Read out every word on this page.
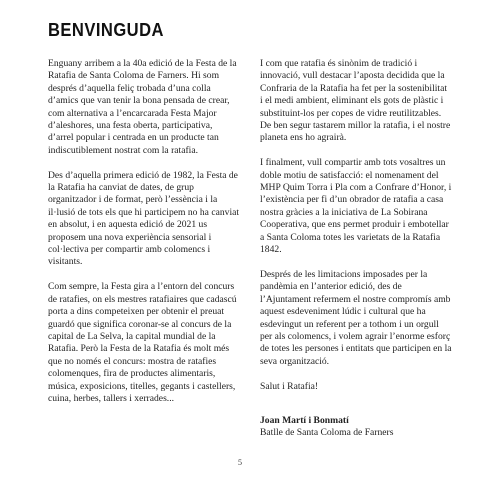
BENVINGUDA

Enguany arribem a la 40a edició de la Festa de la Ratafia de Santa Coloma de Farners. Hi som després d’aquella feliç trobada d’una colla d’amics que van tenir la bona pensada de crear, com alternativa a l’encarcarada Festa Major d’aleshores, una festa oberta, participativa, d’arrel popular i centrada en un producte tan indiscutiblement nostrat com la ratafia.

Des d’aquella primera edició de 1982, la Festa de la Ratafia ha canviat de dates, de grup organitzador i de format, però l’essència i la il·lusió de tots els que hi participem no ha canviat en absolut, i en aquesta edició de 2021 us proposem una nova experiència sensorial i col·lectiva per compartir amb colomencs i visitants.

Com sempre, la Festa gira a l’entorn del concurs de ratafies, on els mestres ratafiaires que cadascú porta a dins competeixen per obtenir el preuat guardó que significa coronar-se al concurs de la capital de La Selva, la capital mundial de la Ratafia. Però la Festa de la Ratafia és molt més que no només el concurs: mostra de ratafies colomenques, fira de productes alimentaris, música, exposicions, titelles, gegants i castellers, cuina, herbes, tallers i xerrades...

I com que ratafia és sinònim de tradició i innovació, vull destacar l’aposta decidida que la Confraria de la Ratafia ha fet per la sostenibilitat i el medi ambient, eliminant els gots de plàstic i substituint-los per copes de vidre reutilitzables. De ben segur tastarem millor la ratafia, i el nostre planeta ens ho agrairà.

I finalment, vull compartir amb tots vosaltres un doble motiu de satisfacció: el nomenament del MHP Quim Torra i Pla com a Confrare d’Honor, i l’existència per fi d’un obrador de ratafia a casa nostra gràcies a la iniciativa de La Sobirana Cooperativa, que ens permet produir i embotellar a Santa Coloma totes les varietats de la Ratafia 1842.

Després de les limitacions imposades per la pandèmia en l’anterior edició, des de l’Ajuntament refermem el nostre compromís amb aquest esdeveniment lúdic i cultural que ha esdevingut un referent per a tothom i un orgull per als colomencs, i volem agrair l’enorme esforç de totes les persones i entitats que participen en la seva organització.

Salut i Ratafia!

Joan Martí i Bonmatí
Batlle de Santa Coloma de Farners
5
